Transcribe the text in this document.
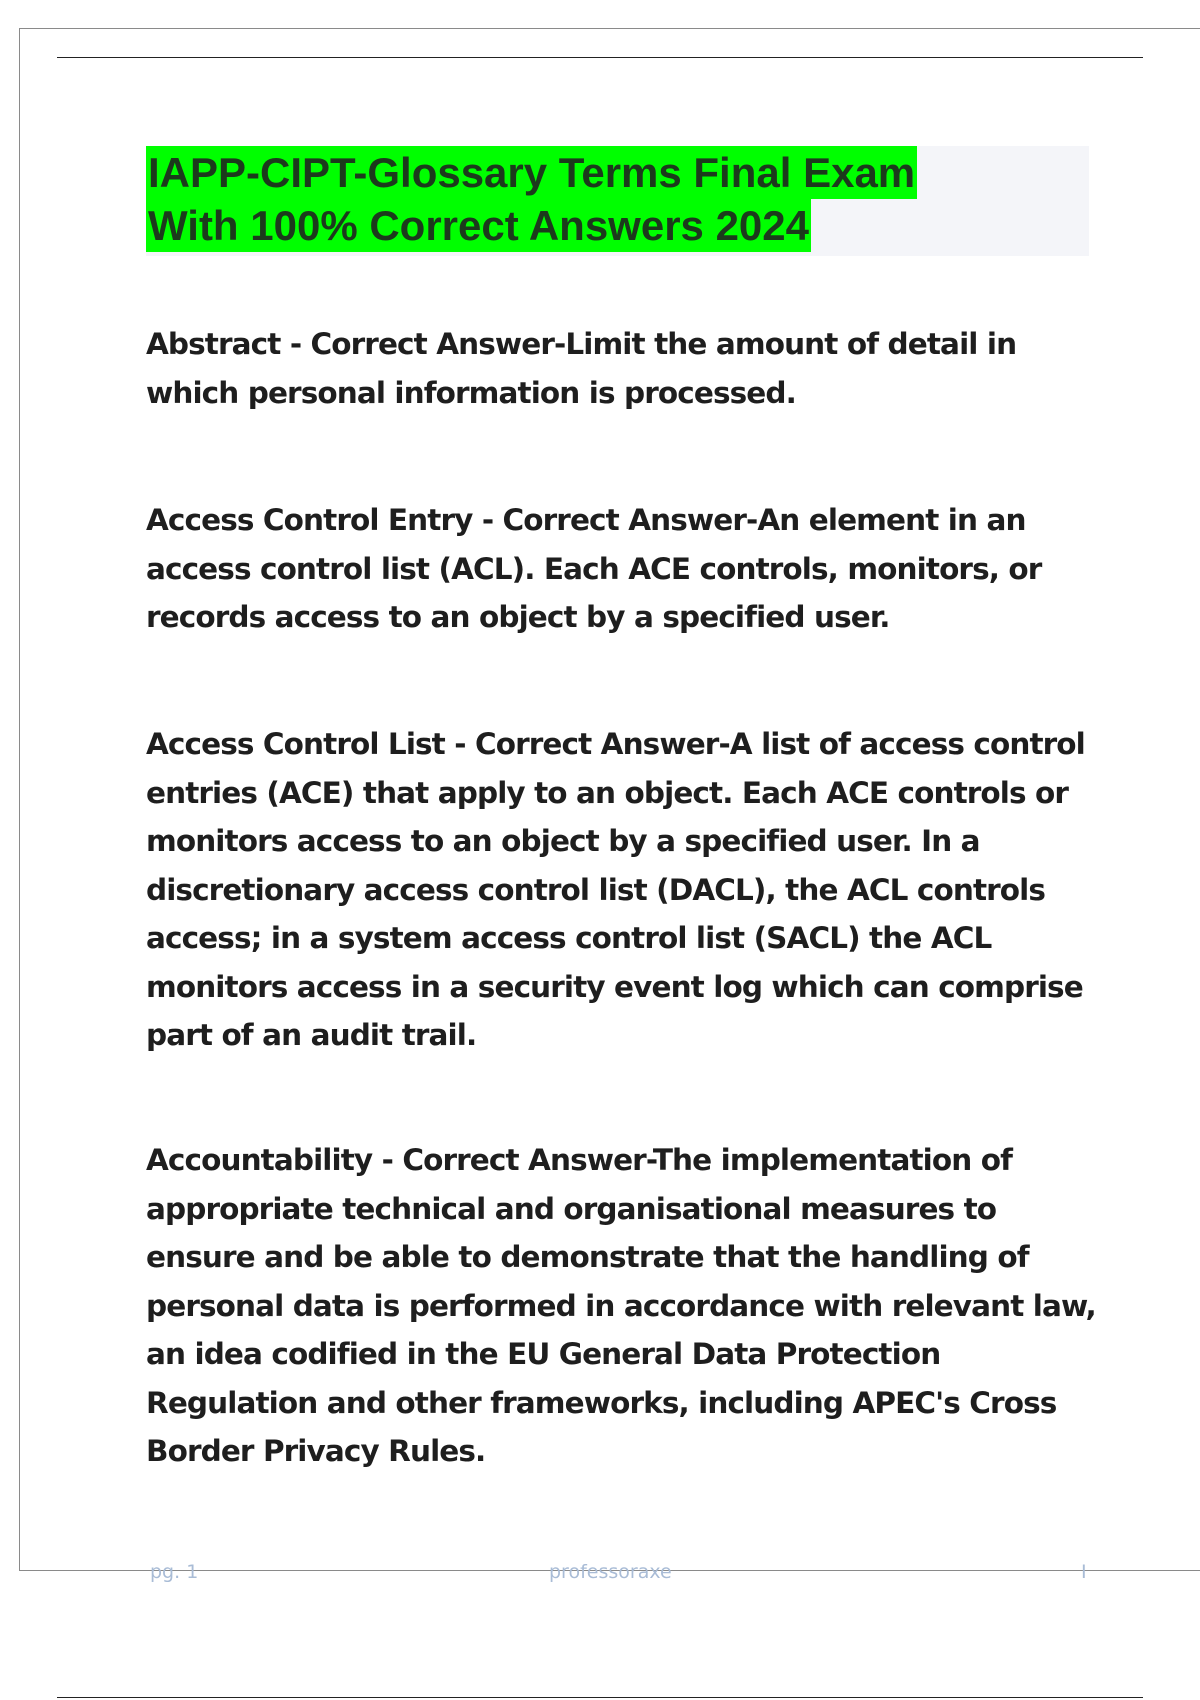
IAPP-CIPT-Glossary Terms Final Exam
With 100% Correct Answers 2024

Abstract - Correct Answer-Limit the amount of detail in which personal information is processed.

Access Control Entry - Correct Answer-An element in an access control list (ACL). Each ACE controls, monitors, or records access to an object by a specified user.

Access Control List - Correct Answer-A list of access control entries (ACE) that apply to an object. Each ACE controls or monitors access to an object by a specified user. In a discretionary access control list (DACL), the ACL controls access; in a system access control list (SACL) the ACL monitors access in a security event log which can comprise part of an audit trail.

Accountability - Correct Answer-The implementation of appropriate technical and organisational measures to ensure and be able to demonstrate that the handling of personal data is performed in accordance with relevant law, an idea codified in the EU General Data Protection Regulation and other frameworks, including APEC's Cross Border Privacy Rules.

pg. 1	professoraxe	I
